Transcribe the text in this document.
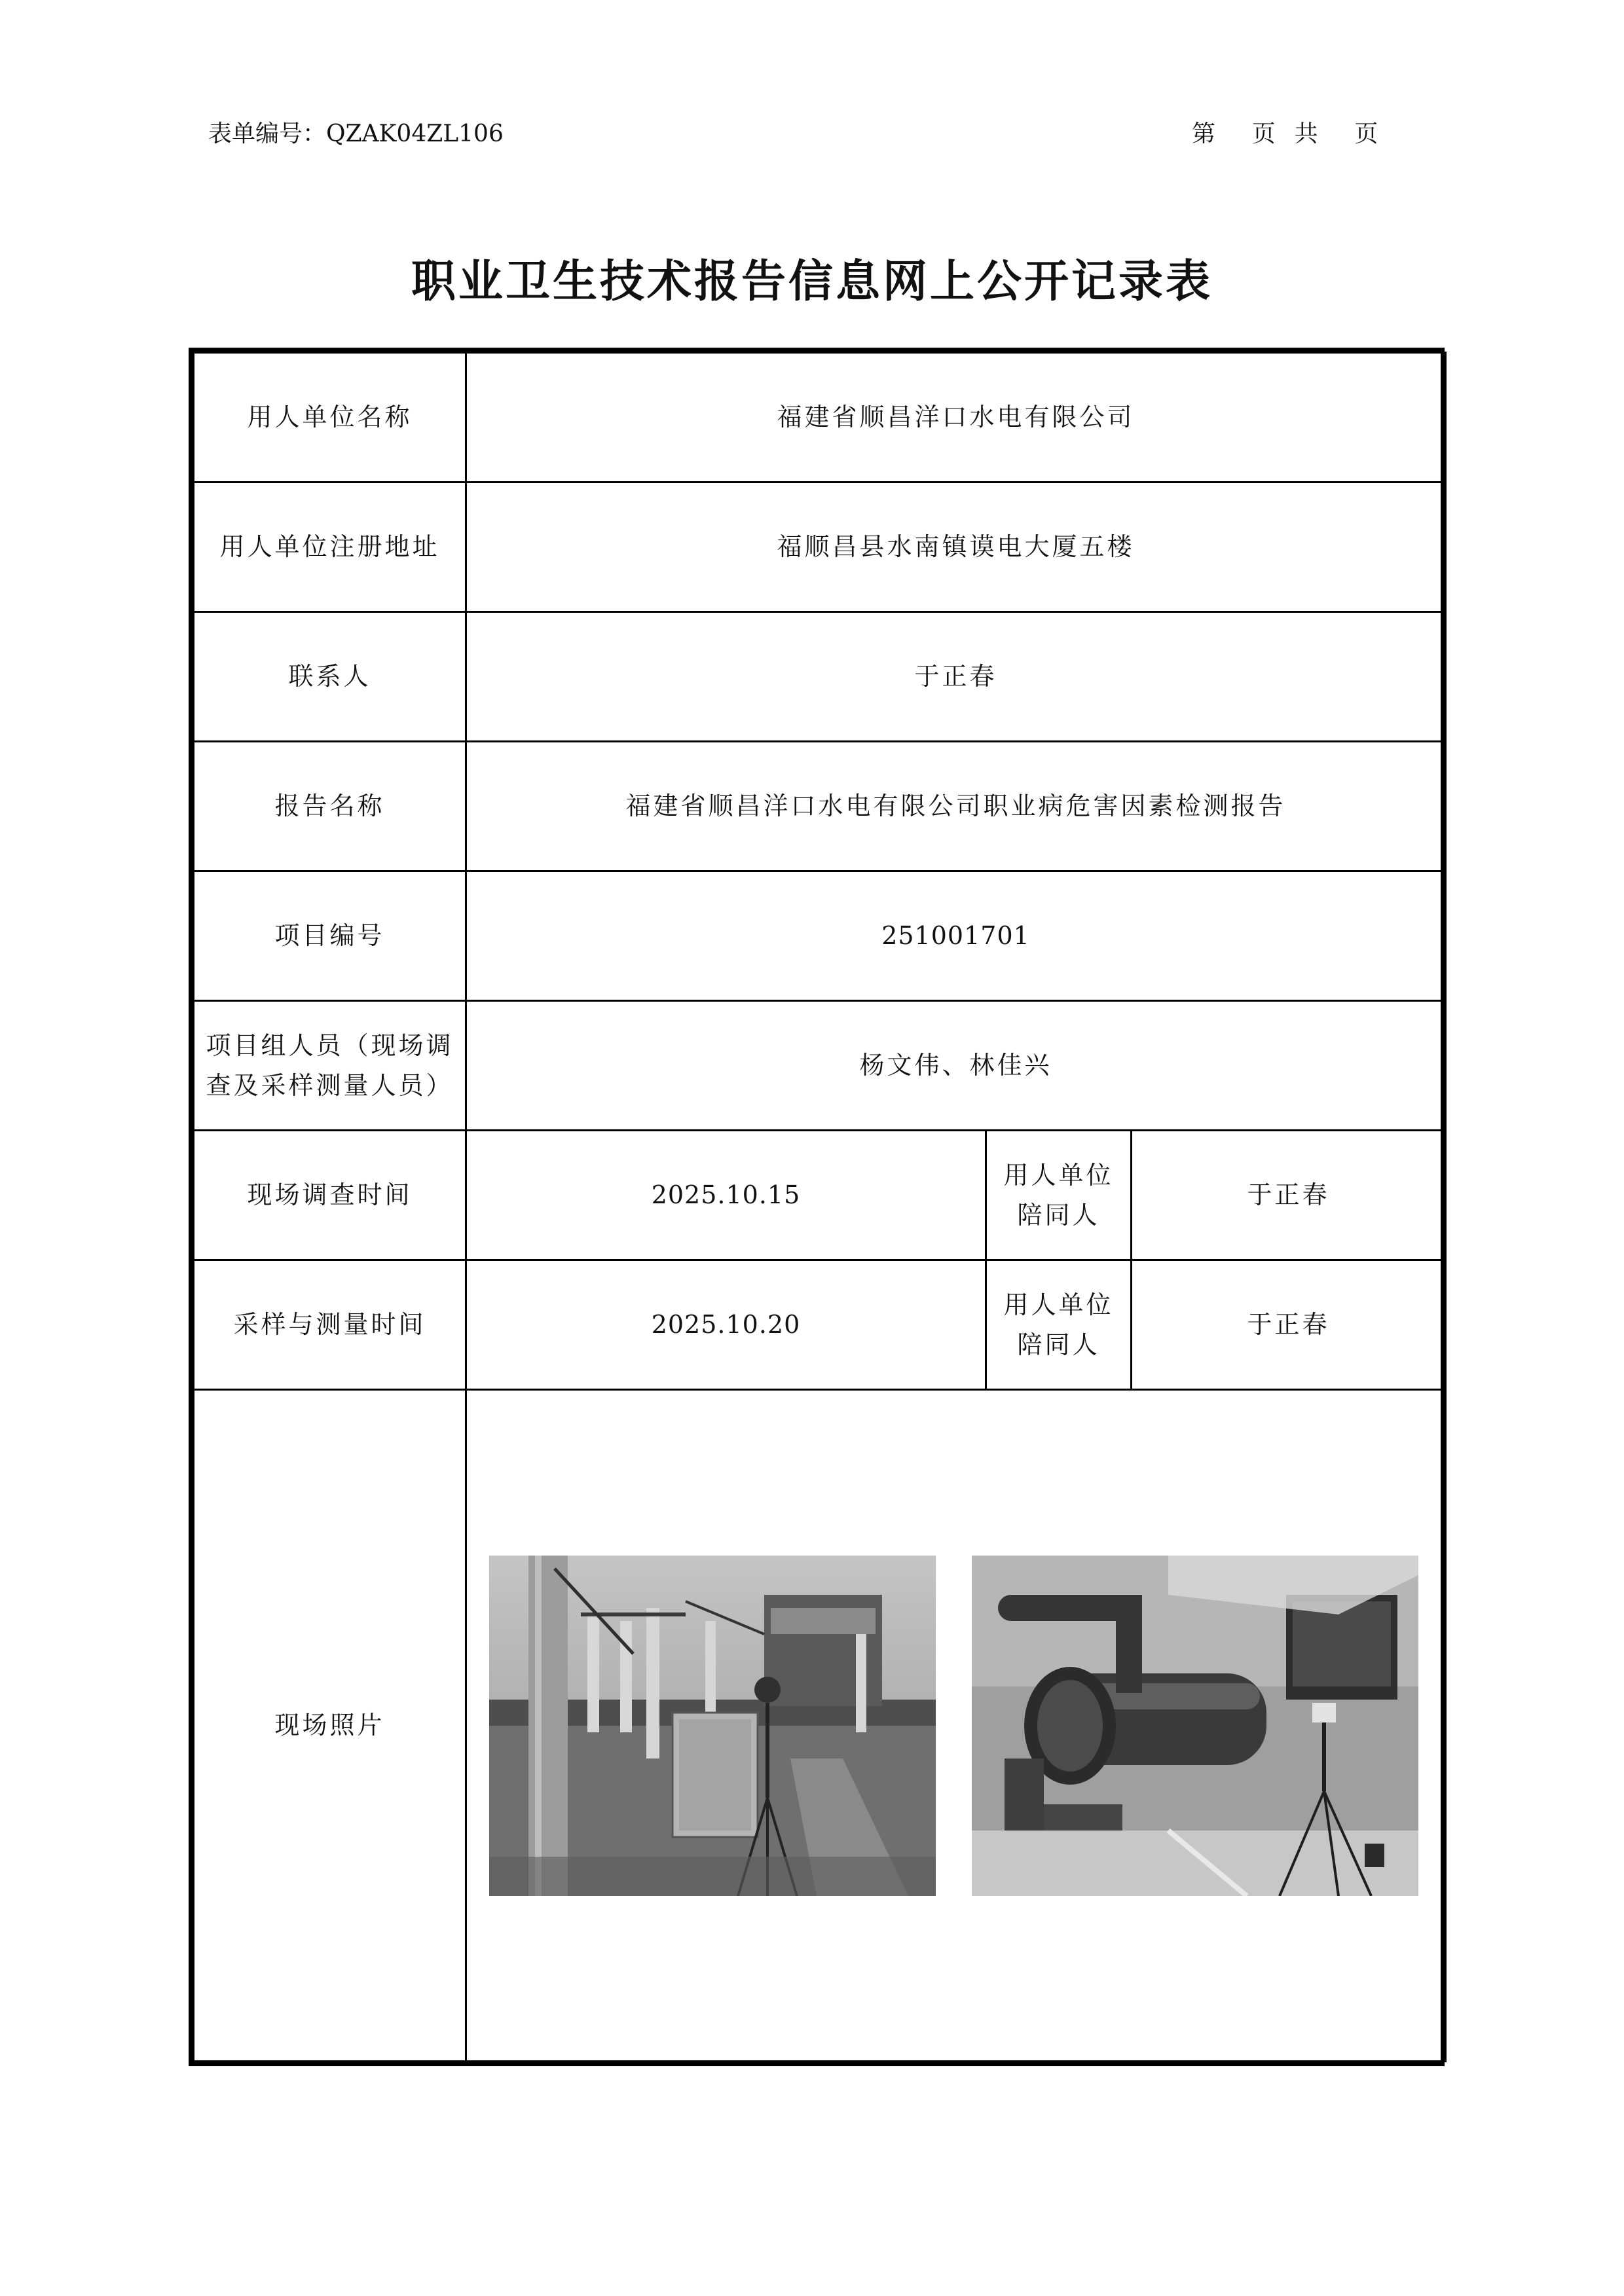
表单编号：QZAK04ZL106	第    页  共    页
职业卫生技术报告信息网上公开记录表
用人单位名称	福建省顺昌洋口水电有限公司		
用人单位注册地址	福顺昌县水南镇谟电大厦五楼		
联系人	于正春		
报告名称	福建省顺昌洋口水电有限公司职业病危害因素检测报告		
项目编号	251001701		

项目组人员（现场调
查及采样测量人员）	杨文伟、林佳兴		
现场调查时间	2025.10.15	用人单位
陪同人	于正春
采样与测量时间	2025.10.20	用人单位
陪同人	于正春
现场照片	
